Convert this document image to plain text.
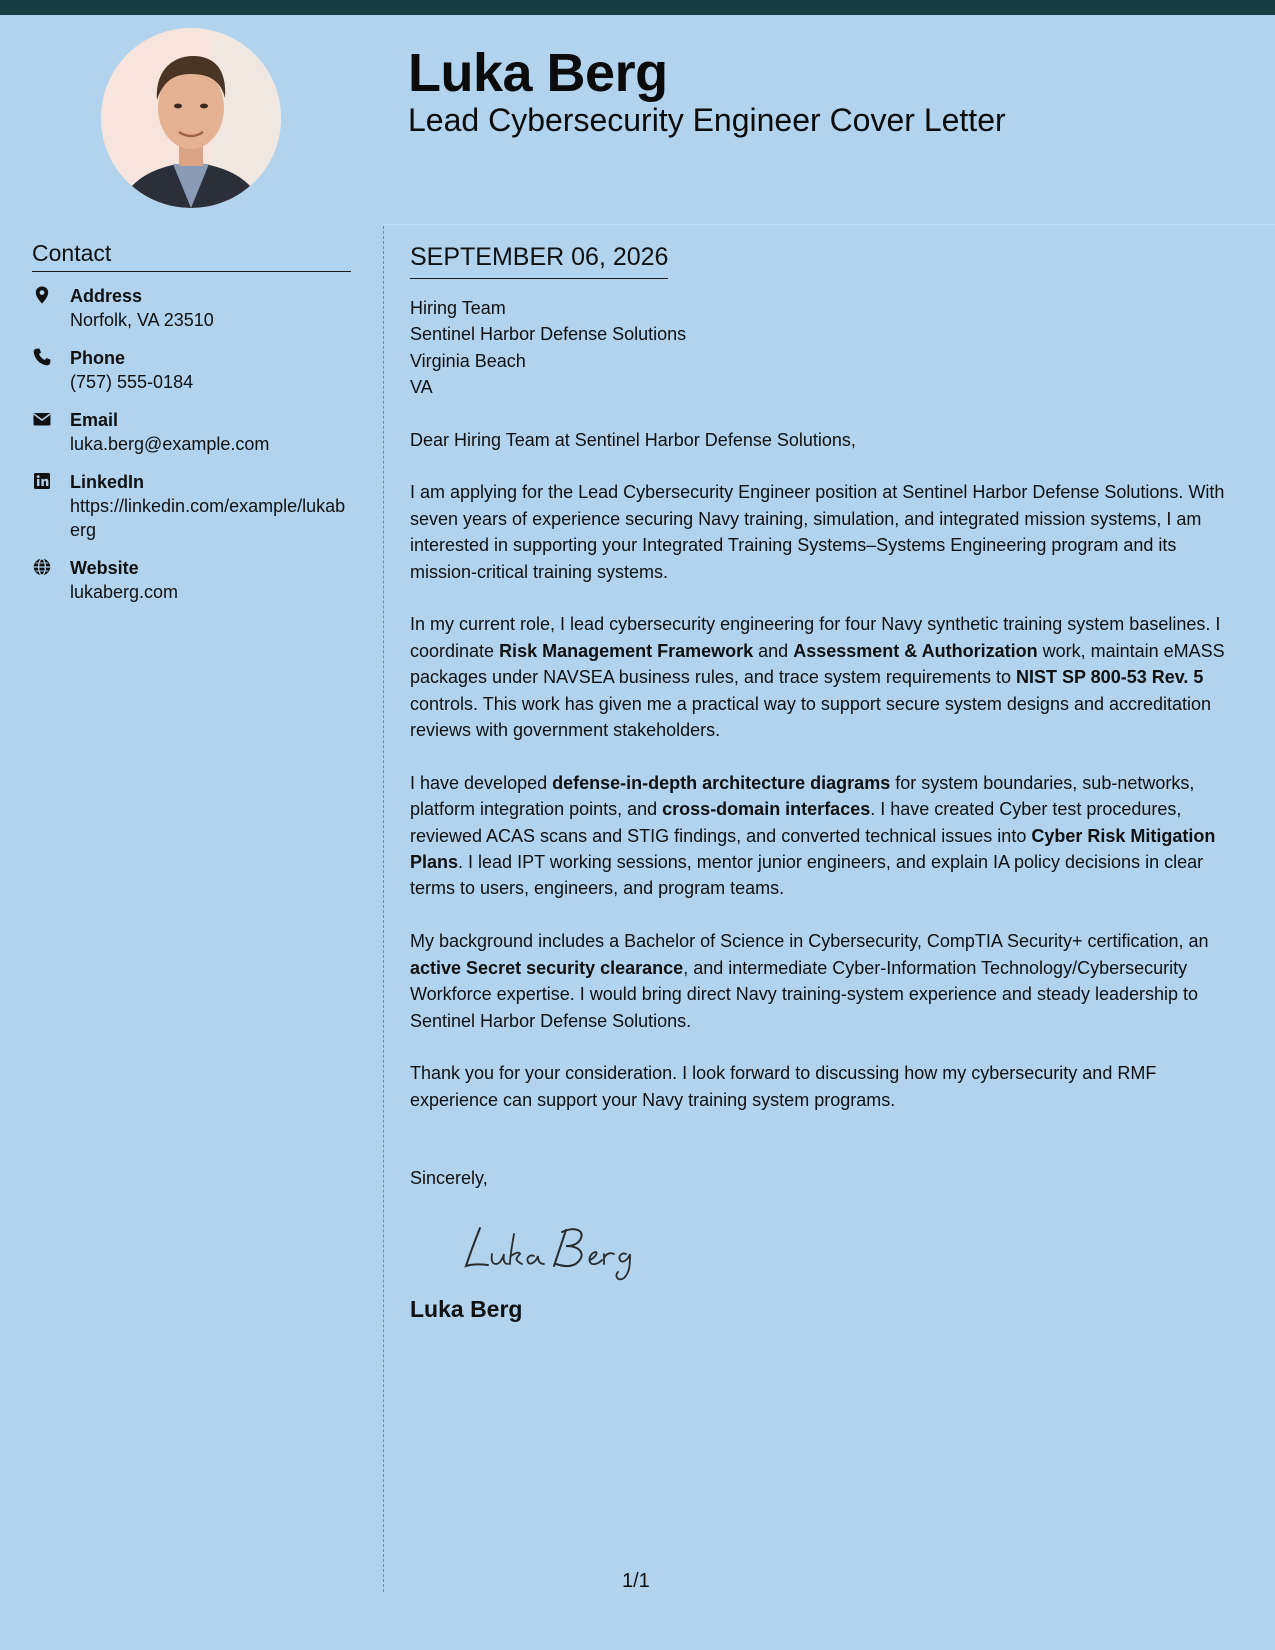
Luka Berg
Lead Cybersecurity Engineer Cover Letter
Contact
Address
Norfolk, VA 23510
Phone
(757) 555-0184
Email
luka.berg@example.com
LinkedIn
https://linkedin.com/example/lukaberg
Website
lukaberg.com
SEPTEMBER 06, 2026
Hiring Team
Sentinel Harbor Defense Solutions
Virginia Beach
VA

Dear Hiring Team at Sentinel Harbor Defense Solutions,

I am applying for the Lead Cybersecurity Engineer position at Sentinel Harbor Defense Solutions. With seven years of experience securing Navy training, simulation, and integrated mission systems, I am interested in supporting your Integrated Training Systems–Systems Engineering program and its mission-critical training systems.

In my current role, I lead cybersecurity engineering for four Navy synthetic training system baselines. I coordinate Risk Management Framework and Assessment & Authorization work, maintain eMASS packages under NAVSEA business rules, and trace system requirements to NIST SP 800-53 Rev. 5 controls. This work has given me a practical way to support secure system designs and accreditation reviews with government stakeholders.

I have developed defense-in-depth architecture diagrams for system boundaries, sub-networks, platform integration points, and cross-domain interfaces. I have created Cyber test procedures, reviewed ACAS scans and STIG findings, and converted technical issues into Cyber Risk Mitigation Plans. I lead IPT working sessions, mentor junior engineers, and explain IA policy decisions in clear terms to users, engineers, and program teams.

My background includes a Bachelor of Science in Cybersecurity, CompTIA Security+ certification, an active Secret security clearance, and intermediate Cyber-Information Technology/Cybersecurity Workforce expertise. I would bring direct Navy training-system experience and steady leadership to Sentinel Harbor Defense Solutions.

Thank you for your consideration. I look forward to discussing how my cybersecurity and RMF experience can support your Navy training system programs.

Sincerely,
Luka Berg
1/1
